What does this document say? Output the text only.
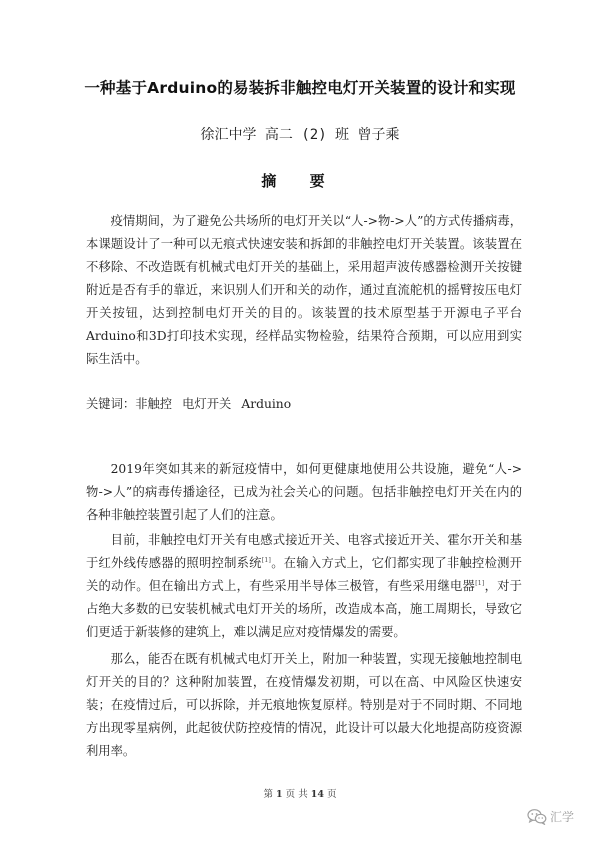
一种基于Arduino的易装拆非触控电灯开关装置的设计和实现
徐汇中学 高二 (2) 班 曾子乘
摘 要

疫情期间，为了避免公共场所的电灯开关以“人->物->人”的方式传播病毒，本课题设计了一种可以无痕式快速安装和拆卸的非触控电灯开关装置。该装置在不移除、不改造既有机械式电灯开关的基础上，采用超声波传感器检测开关按键附近是否有手的靠近，来识别人们开和关的动作，通过直流舵机的摇臂按压电灯开关按钮，达到控制电灯开关的目的。该装置的技术原型基于开源电子平台Arduino和3D打印技术实现，经样品实物检验，结果符合预期，可以应用到实际生活中。

关键词：非触控 电灯开关 Arduino

2019年突如其来的新冠疫情中，如何更健康地使用公共设施，避免“人->物->人”的病毒传播途径，已成为社会关心的问题。包括非触控电灯开关在内的各种非触控装置引起了人们的注意。

目前，非触控电灯开关有电感式接近开关、电容式接近开关、霍尔开关和基于红外线传感器的照明控制系统[1]。在输入方式上，它们都实现了非触控检测开关的动作。但在输出方式上，有些采用半导体三极管，有些采用继电器[1]，对于占绝大多数的已安装机械式电灯开关的场所，改造成本高，施工周期长，导致它们更适于新装修的建筑上，难以满足应对疫情爆发的需要。

那么，能否在既有机械式电灯开关上，附加一种装置，实现无接触地控制电灯开关的目的？这种附加装置，在疫情爆发初期，可以在高、中风险区快速安装；在疫情过后，可以拆除，并无痕地恢复原样。特别是对于不同时期、不同地方出现零星病例，此起彼伏防控疫情的情况，此设计可以最大化地提高防疫资源利用率。

第 1 页 共 14 页
汇学
